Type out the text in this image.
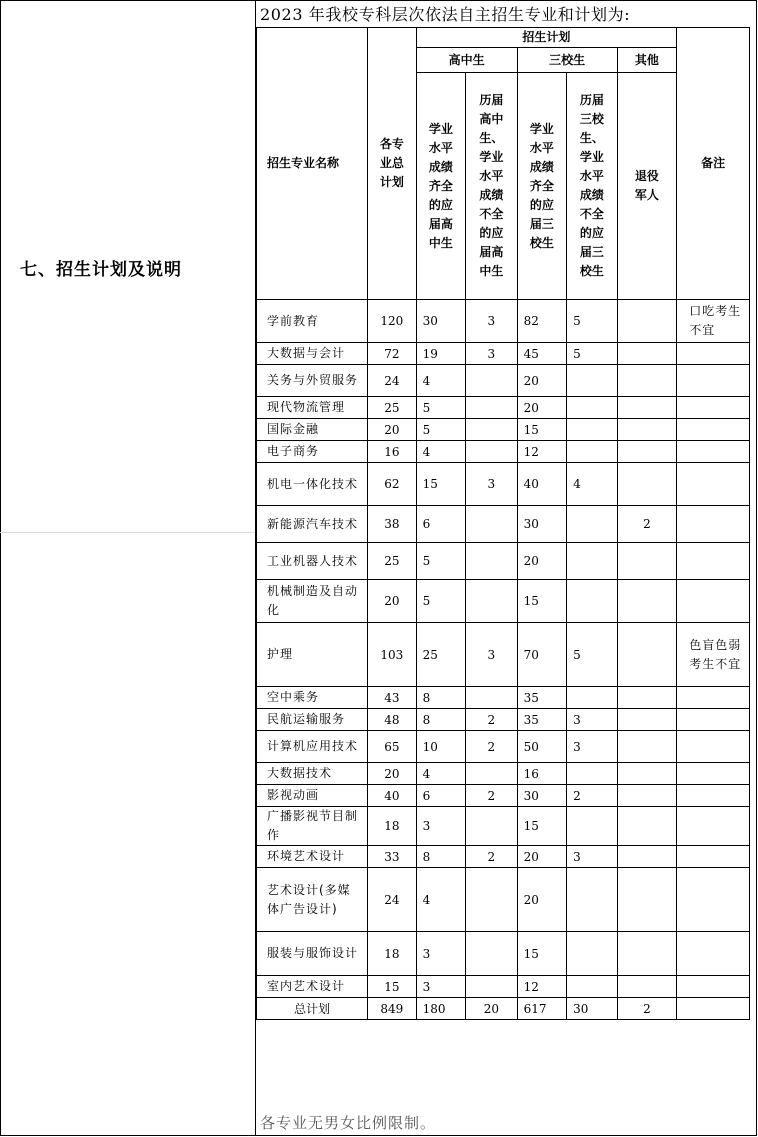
七、招生计划及说明
2023 年我校专科层次依法自主招生专业和计划为:
招生专业名称	各专业总计划	招生计划					备注
		高中生		三校生		其他	
		学业水平成绩齐全的应届高中生	历届高中生、学业水平成绩不全的应届高中生	学业水平成绩齐全的应届三校生	历届三校生、学业水平成绩不全的应届三校生	退役军人	

学前教育	120	30	3	82	5		口吃考生不宜
大数据与会计	72	19	3	45	5		
关务与外贸服务	24	4		20			
现代物流管理	25	5		20			
国际金融	20	5		15			
电子商务	16	4		12			
机电一体化技术	62	15	3	40	4		
新能源汽车技术	38	6		30		2	
工业机器人技术	25	5		20			
机械制造及自动化	20	5		15			
护理	103	25	3	70	5		色盲色弱考生不宜
空中乘务	43	8		35			
民航运输服务	48	8	2	35	3		
计算机应用技术	65	10	2	50	3		
大数据技术	20	4		16			
影视动画	40	6	2	30	2		
广播影视节目制作	18	3		15			
环境艺术设计	33	8	2	20	3		
艺术设计(多媒体广告设计)	24	4		20			
服装与服饰设计	18	3		15			
室内艺术设计	15	3		12			
总计划	849	180	20	617	30	2	
各专业无男女比例限制。
